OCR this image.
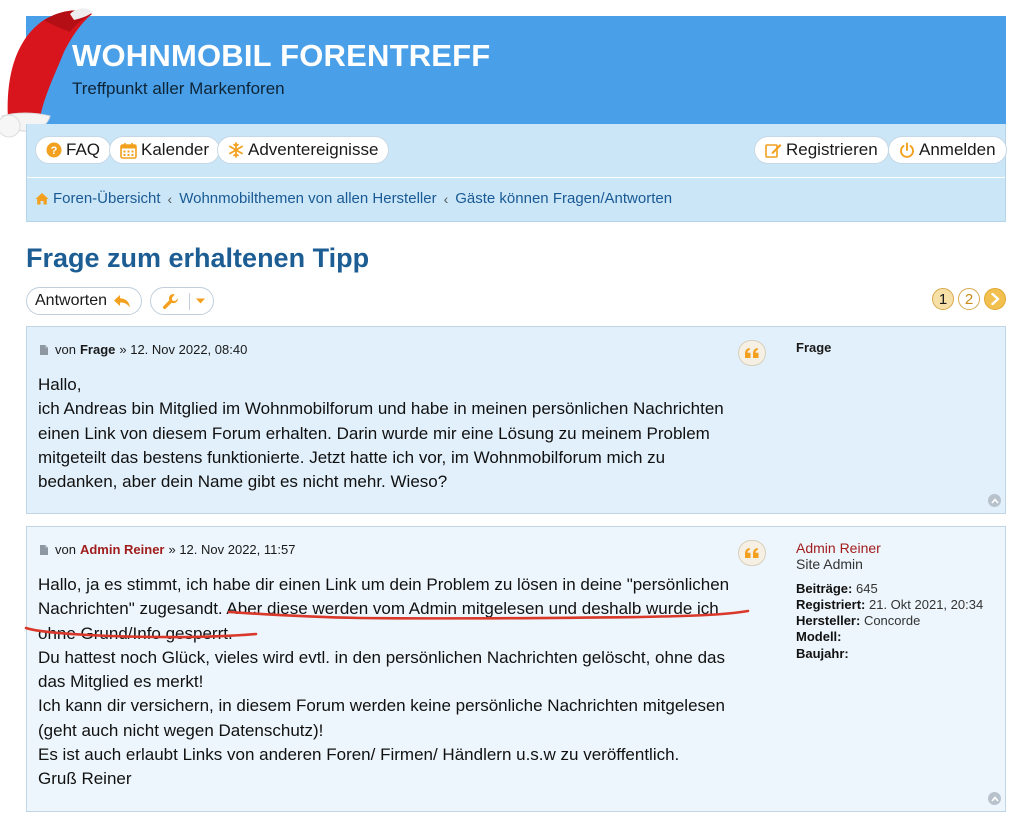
WOHNMOBIL FORENTREFF
Treffpunkt aller Markenforen
? FAQ Kalender Adventereignisse	Registrieren Anmelden
Foren-Übersicht ‹ Wohnmobilthemen von allen Hersteller ‹ Gäste können Fragen/Antworten
Frage zum erhaltenen Tipp
Antworten	1	2
von Frage » 12. Nov 2022, 08:40

Hallo,

ich Andreas bin Mitglied im Wohnmobilforum und habe in meinen persönlichen Nachrichten

einen Link von diesem Forum erhalten. Darin wurde mir eine Lösung zu meinem Problem

mitgeteilt das bestens funktionierte. Jetzt hatte ich vor, im Wohnmobilforum mich zu

bedanken, aber dein Name gibt es nicht mehr. Wieso?

Frage
von Admin Reiner » 12. Nov 2022, 11:57

Hallo, ja es stimmt, ich habe dir einen Link um dein Problem zu lösen in deine "persönlichen

Nachrichten" zugesandt. Aber diese werden vom Admin mitgelesen und deshalb wurde ich

ohne Grund/Info gesperrt.

Du hattest noch Glück, vieles wird evtl. in den persönlichen Nachrichten gelöscht, ohne das

das Mitglied es merkt!

Ich kann dir versichern, in diesem Forum werden keine persönliche Nachrichten mitgelesen

(geht auch nicht wegen Datenschutz)!

Es ist auch erlaubt Links von anderen Foren/ Firmen/ Händlern u.s.w zu veröffentlich.

Gruß Reiner

Admin Reiner
Site Admin
Beiträge: 645
Registriert: 21. Okt 2021, 20:34
Hersteller: Concorde
Modell:
Baujahr:
